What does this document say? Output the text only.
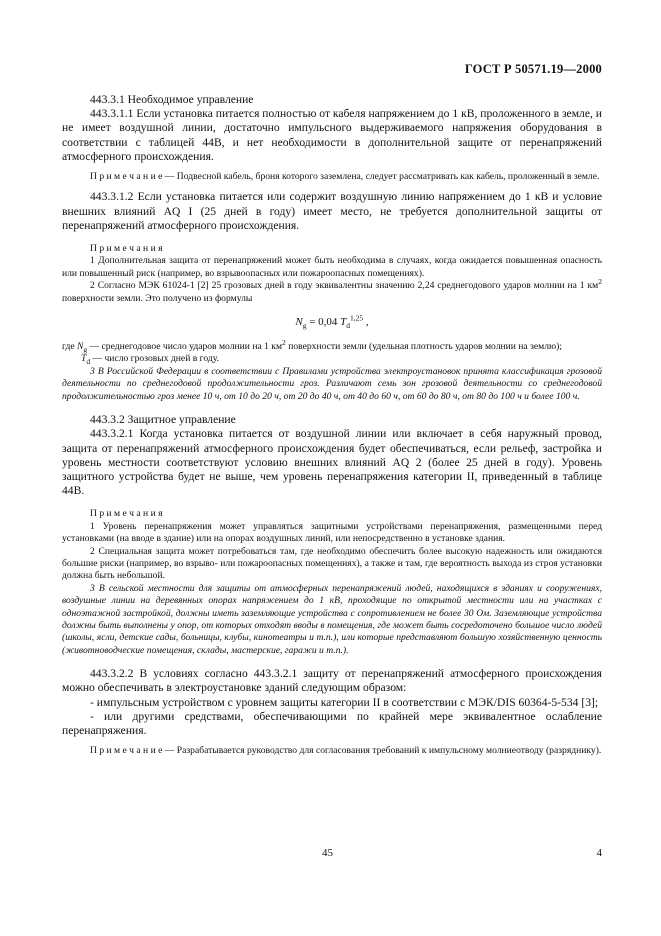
ГОСТ Р 50571.19—2000

443.3.1 Необходимое управление

443.3.1.1 Если установка питается полностью от кабеля напряжением до 1 кВ, проложенного в земле, и не имеет воздушной линии, достаточно импульсного выдерживаемого напряжения оборудования в соответствии с таблицей 44В, и нет необходимости в дополнительной защите от перенапряжений атмосферного происхождения.

П р и м е ч а н и е — Подвесной кабель, броня которого заземлена, следует рассматривать как кабель, проложенный в земле.

443.3.1.2 Если установка питается или содержит воздушную линию напряжением до 1 кВ и условие внешних влияний AQ I (25 дней в году) имеет место, не требуется дополнительной защиты от перенапряжений атмосферного происхождения.

П р и м е ч а н и я

1 Дополнительная защита от перенапряжений может быть необходима в случаях, когда ожидается повышенная опасность или повышенный риск (например, во взрывоопасных или пожароопасных помещениях).

2 Согласно МЭК 61024-1 [2] 25 грозовых дней в году эквивалентны значению 2,24 среднегодового ударов молнии на 1 $км^2$ поверхности земли. Это получено из формулы

$N_g = 0,04$ $T_d^{1,25}$ ,

где $N_g$ — среднегодовое число ударов молнии на 1 $км^2$ поверхности земли (удельная плотность ударов молнии на землю);

$T_d$ — число грозовых дней в году.

3 В Российской Федерации в соответствии с Правилами устройства электроустановок принята классификация грозовой деятельности по среднегодовой продолжительности гроз. Различают семь зон грозовой деятельности со среднегодовой продолжительностью гроз менее 10 ч, от 10 до 20 ч, от 20 до 40 ч, от 40 до 60 ч, от 60 до 80 ч, от 80 до 100 ч и более 100 ч.

443.3.2 Защитное управление

443.3.2.1 Когда установка питается от воздушной линии или включает в себя наружный провод, защита от перенапряжений атмосферного происхождения будет обеспечиваться, если рельеф, застройка и уровень местности соответствуют условию внешних влияний AQ 2 (более 25 дней в году). Уровень защитного устройства будет не выше, чем уровень перенапряжения категории II, приведенный в таблице 44В.

П р и м е ч а н и я

1 Уровень перенапряжения может управляться защитными устройствами перенапряжения, размещенными перед установками (на вводе в здание) или на опорах воздушных линий, или непосредственно в установке здания.

2 Специальная защита может потребоваться там, где необходимо обеспечить более высокую надежность или ожидаются большие риски (например, во взрыво- или пожароопасных помещениях), а также и там, где вероятность выхода из строя установки должна быть небольшой.

3 В сельской местности для защиты от атмосферных перенапряжений людей, находящихся в зданиях и сооружениях, воздушные линии на деревянных опорах напряжением до 1 кВ, проходящие по открытой местности или на участках с одноэтажной застройкой, должны иметь заземляющие устройства с сопротивлением не более 30 Ом. Заземляющие устройства должны быть выполнены у опор, от которых отходят вводы в помещения, где может быть сосредоточено большое число людей (школы, ясли, детские сады, больницы, клубы, кинотеатры и т.п.), или которые представляют большую хозяйственную ценность (животноводческие помещения, склады, мастерские, гаражи и т.п.).

443.3.2.2 В условиях согласно 443.3.2.1 защиту от перенапряжений атмосферного происхождения можно обеспечивать в электроустановке зданий следующим образом:

- импульсным устройством с уровнем защиты категории II в соответствии с МЭК/DIS 60364-5-534 [3];

- или другими средствами, обеспечивающими по крайней мере эквивалентное ослабление перенапряжения.

П р и м е ч а н и е — Разрабатывается руководство для согласования требований к импульсному молниеотводу (разряднику).

45	4
